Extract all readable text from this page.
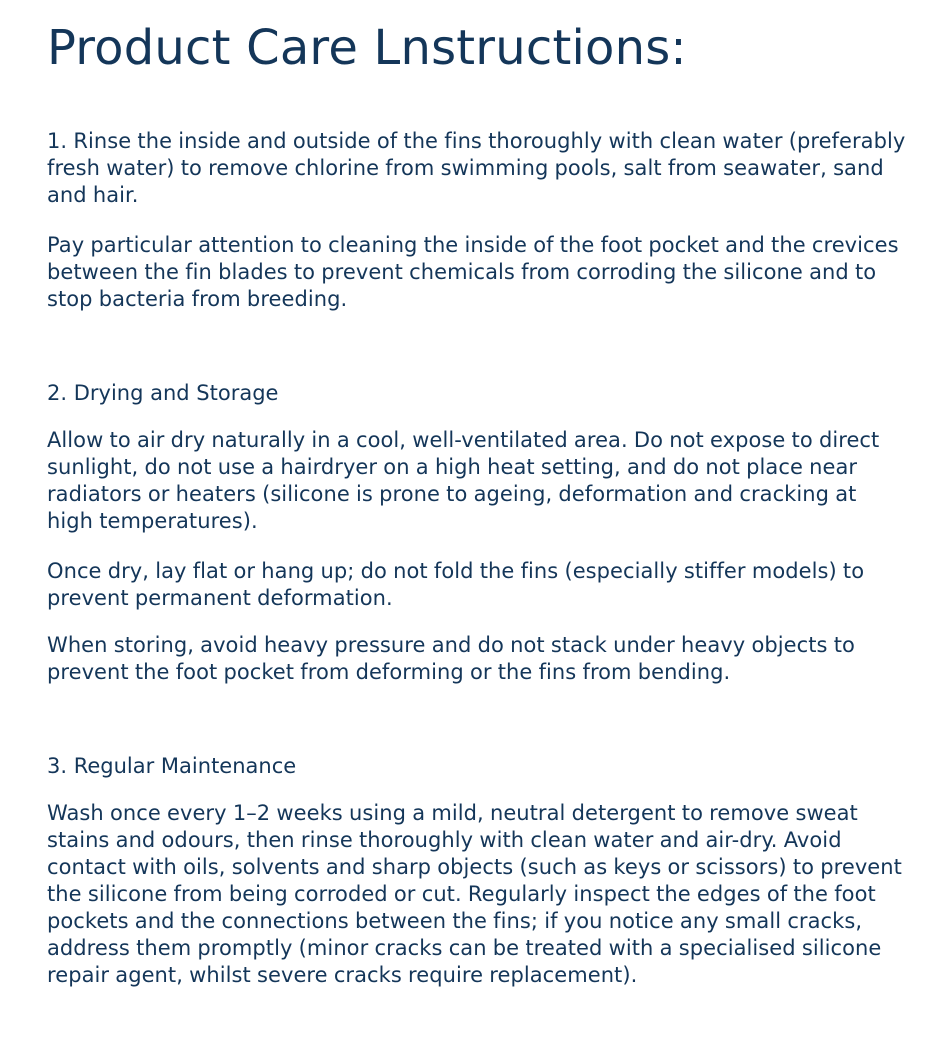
Product Care Lnstructions:

1. Rinse the inside and outside of the fins thoroughly with clean water (preferably fresh water) to remove chlorine from swimming pools, salt from seawater, sand and hair.

Pay particular attention to cleaning the inside of the foot pocket and the crevices between the fin blades to prevent chemicals from corroding the silicone and to stop bacteria from breeding.

2. Drying and Storage

Allow to air dry naturally in a cool, well-ventilated area. Do not expose to direct sunlight, do not use a hairdryer on a high heat setting, and do not place near radiators or heaters (silicone is prone to ageing, deformation and cracking at high temperatures).

Once dry, lay flat or hang up; do not fold the fins (especially stiffer models) to prevent permanent deformation.

When storing, avoid heavy pressure and do not stack under heavy objects to prevent the foot pocket from deforming or the fins from bending.

3. Regular Maintenance

Wash once every 1–2 weeks using a mild, neutral detergent to remove sweat stains and odours, then rinse thoroughly with clean water and air-dry. Avoid contact with oils, solvents and sharp objects (such as keys or scissors) to prevent the silicone from being corroded or cut. Regularly inspect the edges of the foot pockets and the connections between the fins; if you notice any small cracks, address them promptly (minor cracks can be treated with a specialised silicone repair agent, whilst severe cracks require replacement).
